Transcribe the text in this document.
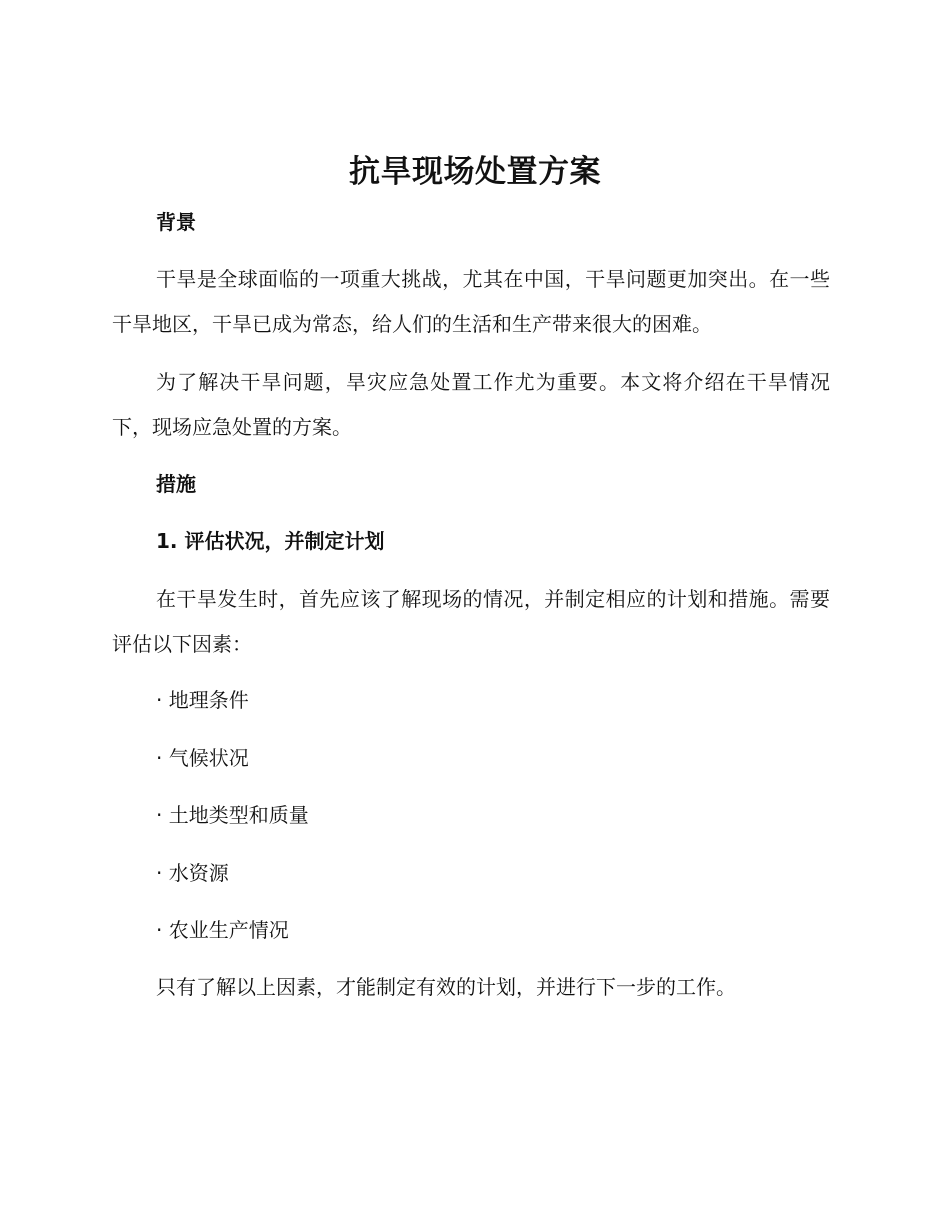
抗旱现场处置方案

背景

干旱是全球面临的一项重大挑战，尤其在中国，干旱问题更加突出。在一些干旱地区，干旱已成为常态，给人们的生活和生产带来很大的困难。

为了解决干旱问题，旱灾应急处置工作尤为重要。本文将介绍在干旱情况下，现场应急处置的方案。

措施

1. 评估状况，并制定计划

在干旱发生时，首先应该了解现场的情况，并制定相应的计划和措施。需要评估以下因素：

· 地理条件

· 气候状况

· 土地类型和质量

· 水资源

· 农业生产情况

只有了解以上因素，才能制定有效的计划，并进行下一步的工作。
